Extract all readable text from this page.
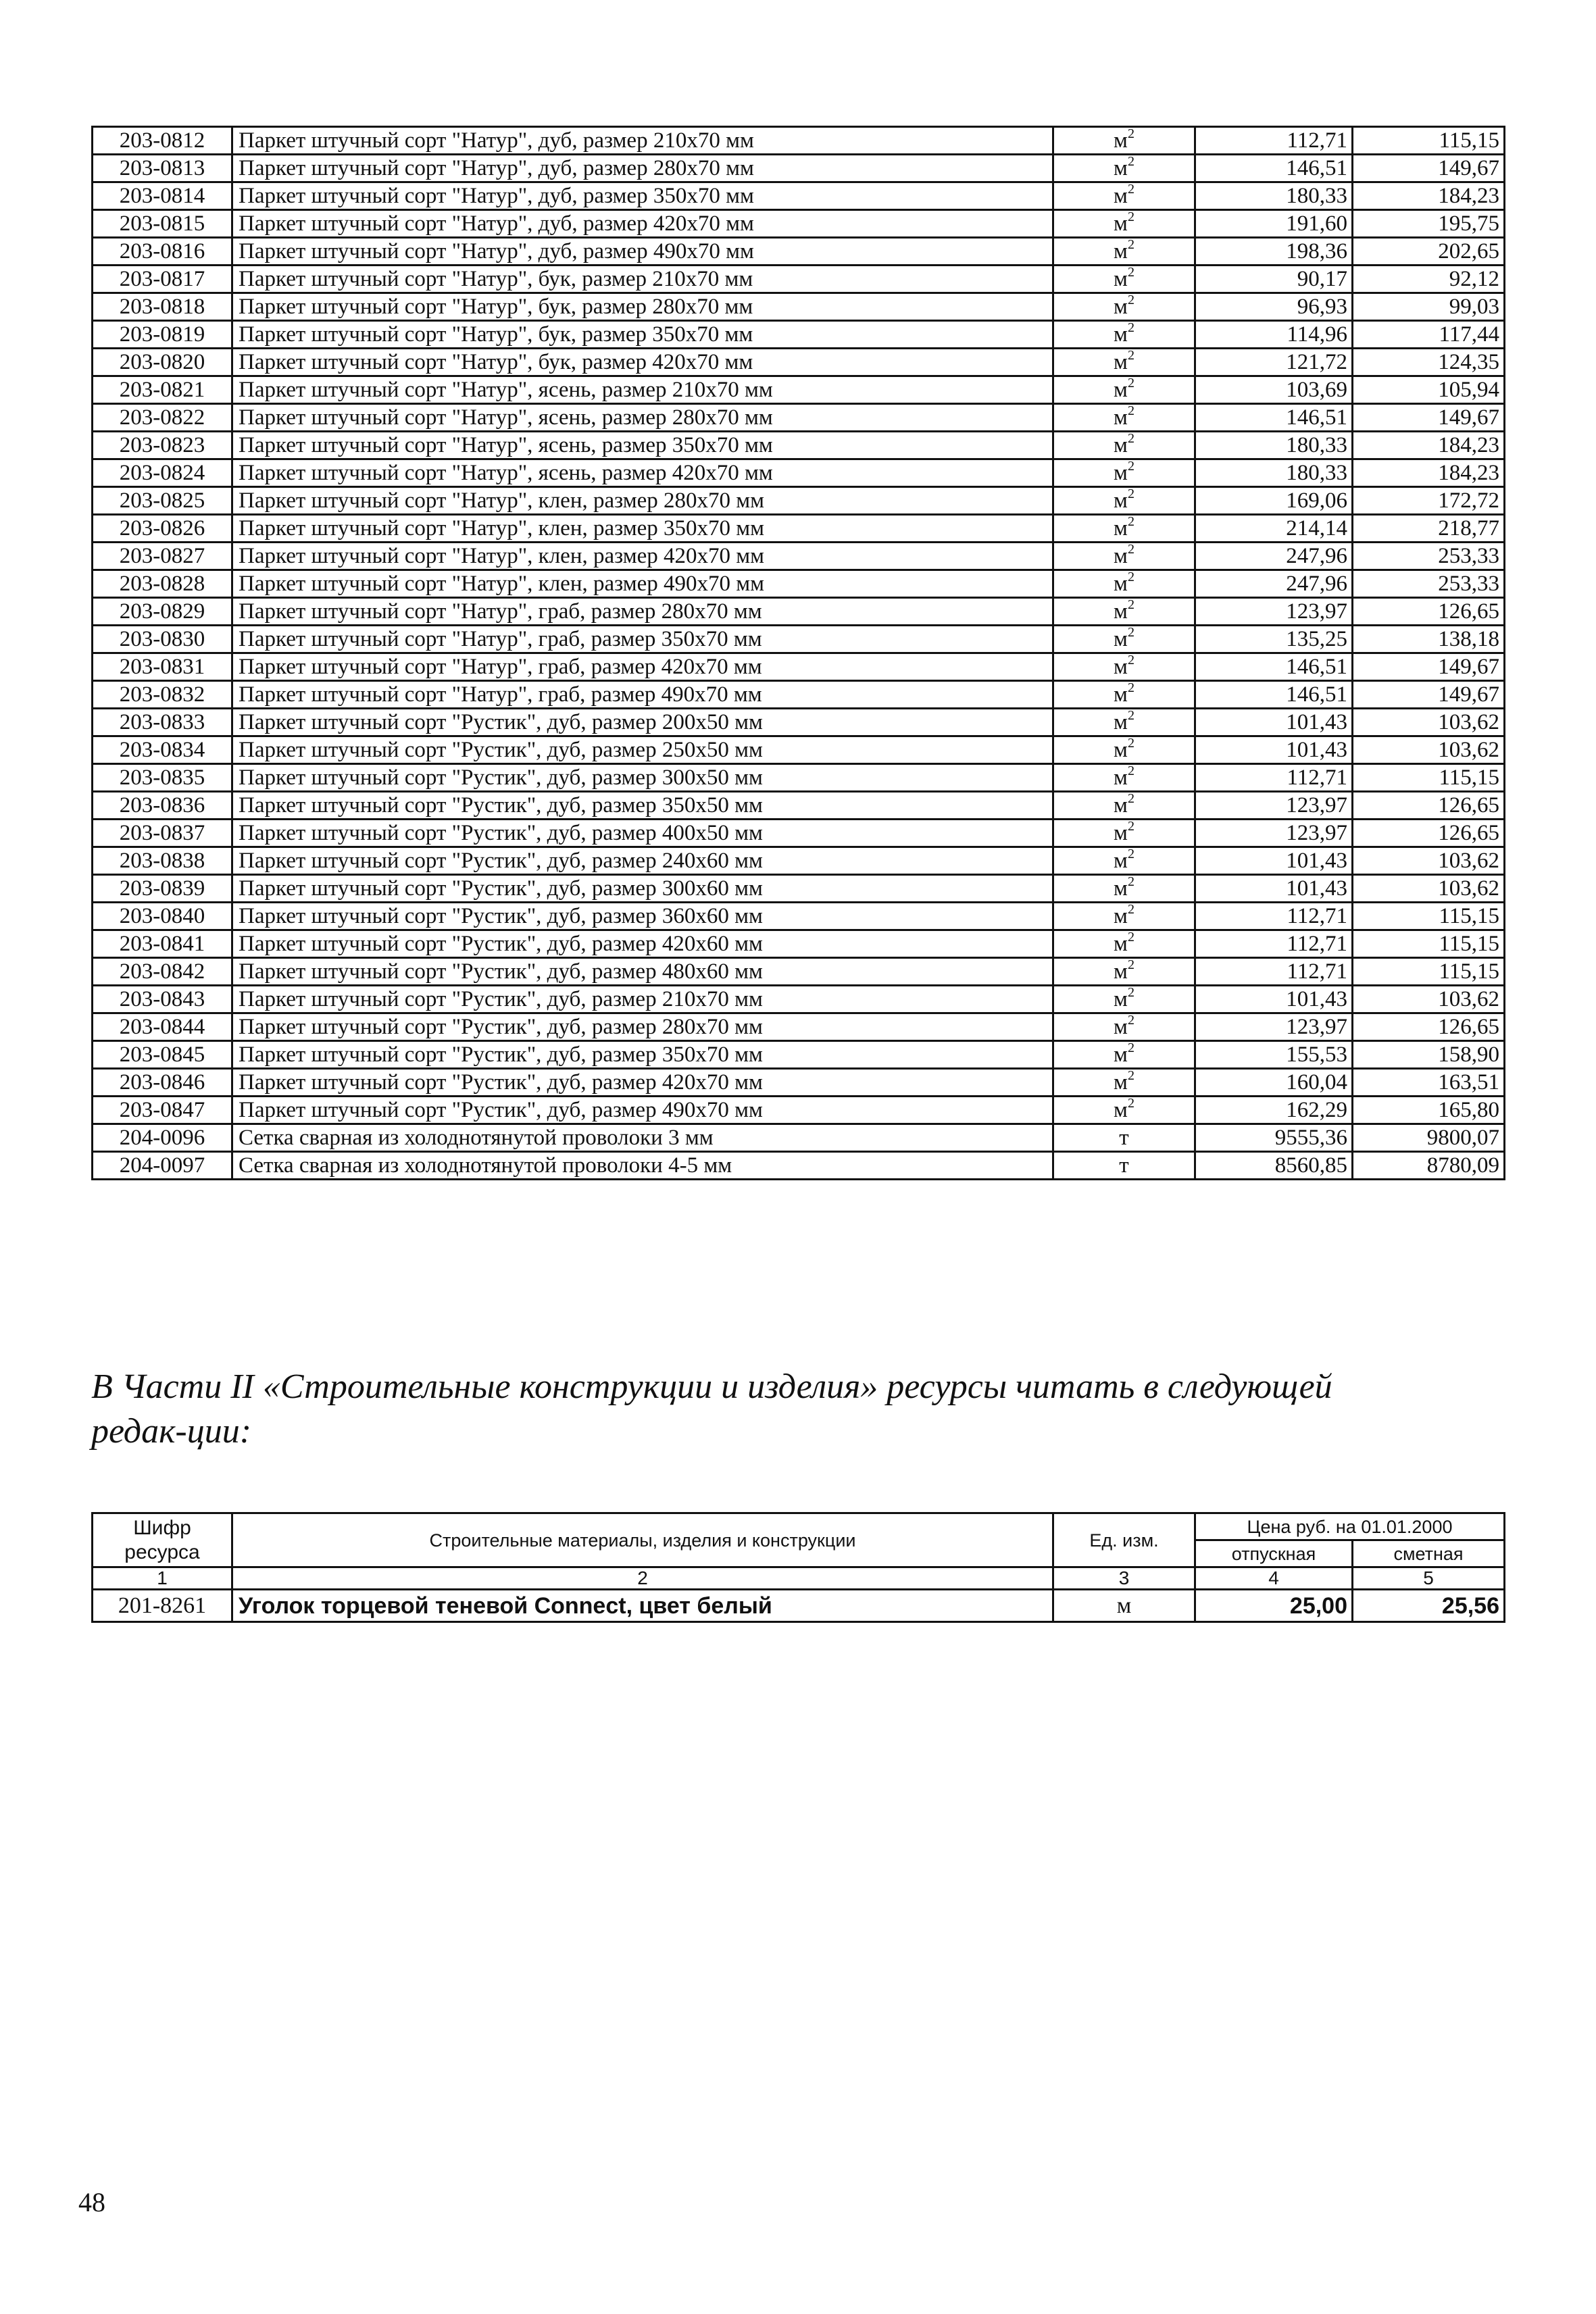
203-0812	Паркет штучный сорт "Натур", дуб, размер 210х70 мм	$м^2$	112,71	115,15
203-0813	Паркет штучный сорт "Натур", дуб, размер 280х70 мм	$м^2$	146,51	149,67
203-0814	Паркет штучный сорт "Натур", дуб, размер 350х70 мм	$м^2$	180,33	184,23
203-0815	Паркет штучный сорт "Натур", дуб, размер 420х70 мм	$м^2$	191,60	195,75
203-0816	Паркет штучный сорт "Натур", дуб, размер 490х70 мм	$м^2$	198,36	202,65
203-0817	Паркет штучный сорт "Натур", бук, размер 210х70 мм	$м^2$	90,17	92,12
203-0818	Паркет штучный сорт "Натур", бук, размер 280х70 мм	$м^2$	96,93	99,03
203-0819	Паркет штучный сорт "Натур", бук, размер 350х70 мм	$м^2$	114,96	117,44
203-0820	Паркет штучный сорт "Натур", бук, размер 420х70 мм	$м^2$	121,72	124,35
203-0821	Паркет штучный сорт "Натур", ясень, размер 210х70 мм	$м^2$	103,69	105,94
203-0822	Паркет штучный сорт "Натур", ясень, размер 280х70 мм	$м^2$	146,51	149,67
203-0823	Паркет штучный сорт "Натур", ясень, размер 350х70 мм	$м^2$	180,33	184,23
203-0824	Паркет штучный сорт "Натур", ясень, размер 420х70 мм	$м^2$	180,33	184,23
203-0825	Паркет штучный сорт "Натур", клен, размер 280х70 мм	$м^2$	169,06	172,72
203-0826	Паркет штучный сорт "Натур", клен, размер 350х70 мм	$м^2$	214,14	218,77
203-0827	Паркет штучный сорт "Натур", клен, размер 420х70 мм	$м^2$	247,96	253,33
203-0828	Паркет штучный сорт "Натур", клен, размер 490х70 мм	$м^2$	247,96	253,33
203-0829	Паркет штучный сорт "Натур", граб, размер 280х70 мм	$м^2$	123,97	126,65
203-0830	Паркет штучный сорт "Натур", граб, размер 350х70 мм	$м^2$	135,25	138,18
203-0831	Паркет штучный сорт "Натур", граб, размер 420х70 мм	$м^2$	146,51	149,67
203-0832	Паркет штучный сорт "Натур", граб, размер 490х70 мм	$м^2$	146,51	149,67
203-0833	Паркет штучный сорт "Рустик", дуб, размер 200х50 мм	$м^2$	101,43	103,62
203-0834	Паркет штучный сорт "Рустик", дуб, размер 250х50 мм	$м^2$	101,43	103,62
203-0835	Паркет штучный сорт "Рустик", дуб, размер 300х50 мм	$м^2$	112,71	115,15
203-0836	Паркет штучный сорт "Рустик", дуб, размер 350х50 мм	$м^2$	123,97	126,65
203-0837	Паркет штучный сорт "Рустик", дуб, размер 400х50 мм	$м^2$	123,97	126,65
203-0838	Паркет штучный сорт "Рустик", дуб, размер 240х60 мм	$м^2$	101,43	103,62
203-0839	Паркет штучный сорт "Рустик", дуб, размер 300х60 мм	$м^2$	101,43	103,62
203-0840	Паркет штучный сорт "Рустик", дуб, размер 360х60 мм	$м^2$	112,71	115,15
203-0841	Паркет штучный сорт "Рустик", дуб, размер 420х60 мм	$м^2$	112,71	115,15
203-0842	Паркет штучный сорт "Рустик", дуб, размер 480х60 мм	$м^2$	112,71	115,15
203-0843	Паркет штучный сорт "Рустик", дуб, размер 210х70 мм	$м^2$	101,43	103,62
203-0844	Паркет штучный сорт "Рустик", дуб, размер 280х70 мм	$м^2$	123,97	126,65
203-0845	Паркет штучный сорт "Рустик", дуб, размер 350х70 мм	$м^2$	155,53	158,90
203-0846	Паркет штучный сорт "Рустик", дуб, размер 420х70 мм	$м^2$	160,04	163,51
203-0847	Паркет штучный сорт "Рустик", дуб, размер 490х70 мм	$м^2$	162,29	165,80
204-0096	Сетка сварная из холоднотянутой проволоки 3 мм	т	9555,36	9800,07
204-0097	Сетка сварная из холоднотянутой проволоки 4-5 мм	т	8560,85	8780,09

В Части II «Строительные конструкции и изделия» ресурсы читать в следующей редак-ции:

Шифр ресурса	Строительные материалы, изделия и конструкции	Ед. изм.	Цена руб. на 01.01.2000	
			отпускная	сметная
1	2	3	4	5
201-8261	Уголок торцевой теневой Connect, цвет белый	м	25,00	25,56
48
